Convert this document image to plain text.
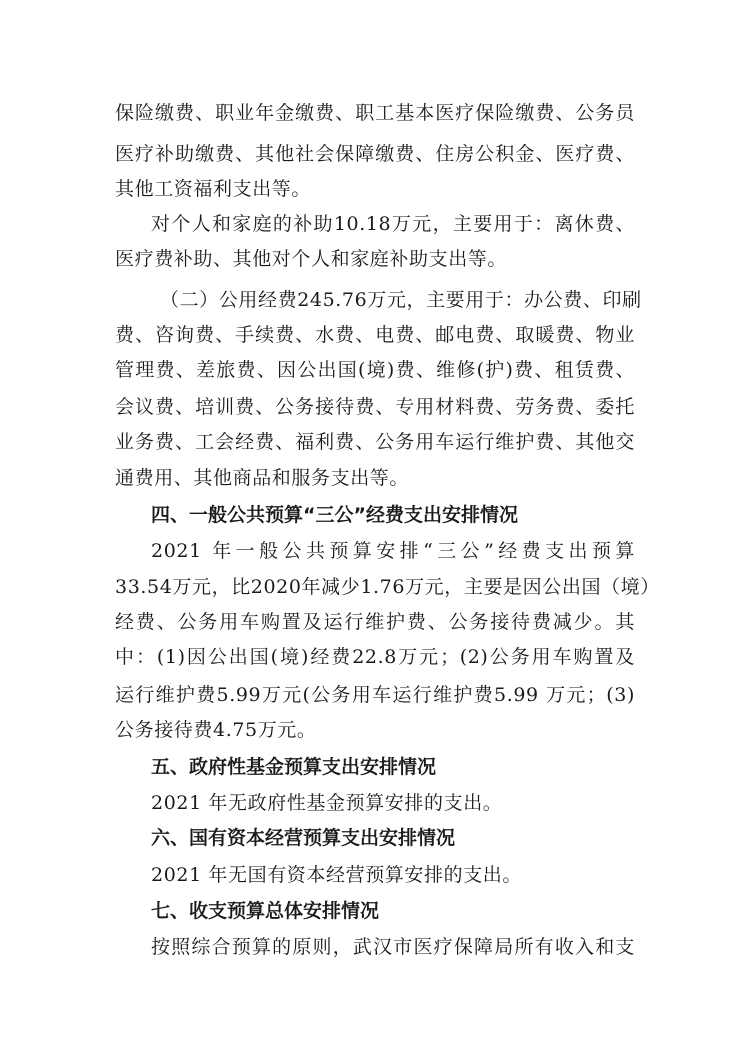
保险缴费、职业年金缴费、职工基本医疗保险缴费、公务员
医疗补助缴费、其他社会保障缴费、住房公积金、医疗费、
其他工资福利支出等。
对个人和家庭的补助10.18万元，主要用于：离休费、
医疗费补助、其他对个人和家庭补助支出等。
（二）公用经费245.76万元，主要用于：办公费、印刷
费、咨询费、手续费、水费、电费、邮电费、取暖费、物业
管理费、差旅费、因公出国(境)费、维修(护)费、租赁费、
会议费、培训费、公务接待费、专用材料费、劳务费、委托
业务费、工会经费、福利费、公务用车运行维护费、其他交
通费用、其他商品和服务支出等。
四、一般公共预算“三公”经费支出安排情况
2021 年一般公共预算安排“三公”经费支出预算
33.54万元，比2020年减少1.76万元，主要是因公出国（境）
经费、公务用车购置及运行维护费、公务接待费减少。其
中：(1)因公出国(境)经费22.8万元；(2)公务用车购置及
运行维护费5.99万元(公务用车运行维护费5.99 万元；(3)
公务接待费4.75万元。
五、政府性基金预算支出安排情况
2021 年无政府性基金预算安排的支出。
六、国有资本经营预算支出安排情况
2021 年无国有资本经营预算安排的支出。
七、收支预算总体安排情况
按照综合预算的原则，武汉市医疗保障局所有收入和支
